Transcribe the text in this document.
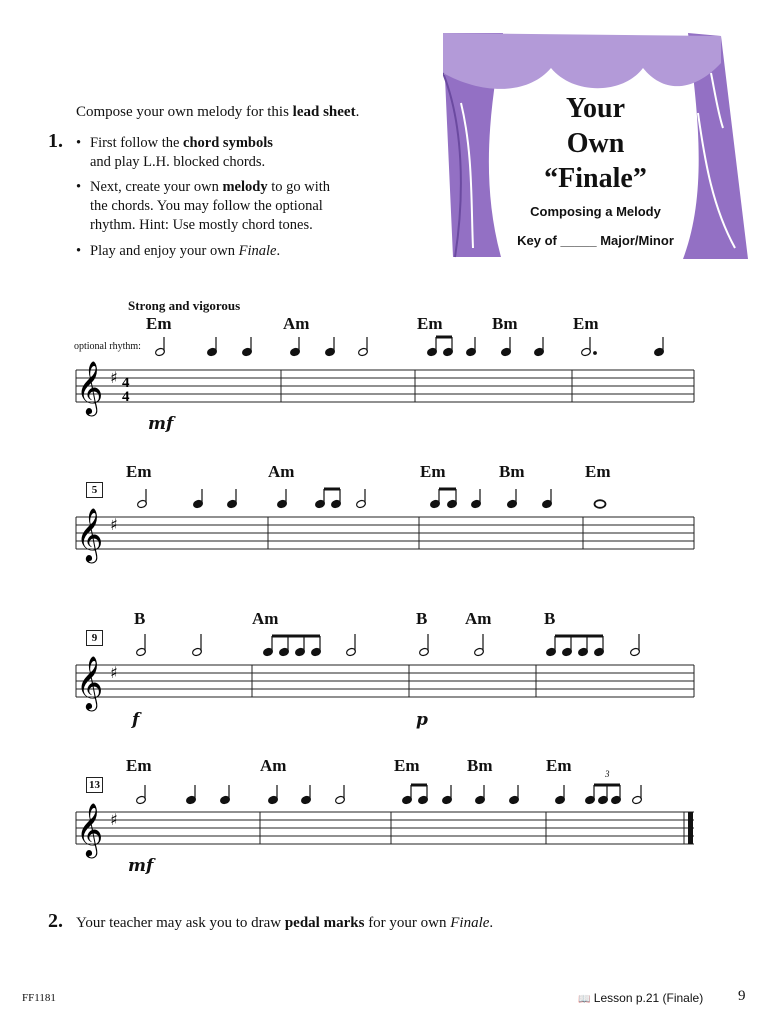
Compose your own melody for this lead sheet.
1. • First follow the chord symbols
and play L.H. blocked chords.
• Next, create your own melody to go with
the chords. You may follow the optional
rhythm. Hint: Use mostly chord tones.
• Play and enjoy your own Finale.
Your
Own
“Finale”
Composing a Melody
Key of _____ Major/Minor
Strong and vigorous
optional rhythm:
Em	Am	Em	Bm	Em
mf
𝄞 ♯ 4
4
5
Em	Am	Em	Bm	Em
𝄞 ♯
9
B	Am	B Am	B
f	p
𝄞 ♯
13
Em	Am	Em	Bm	Em
mf
3
𝄞 ♯
2. Your teacher may ask you to draw pedal marks for your own Finale.
FF1181	📖 Lesson p.21 (Finale) 9
